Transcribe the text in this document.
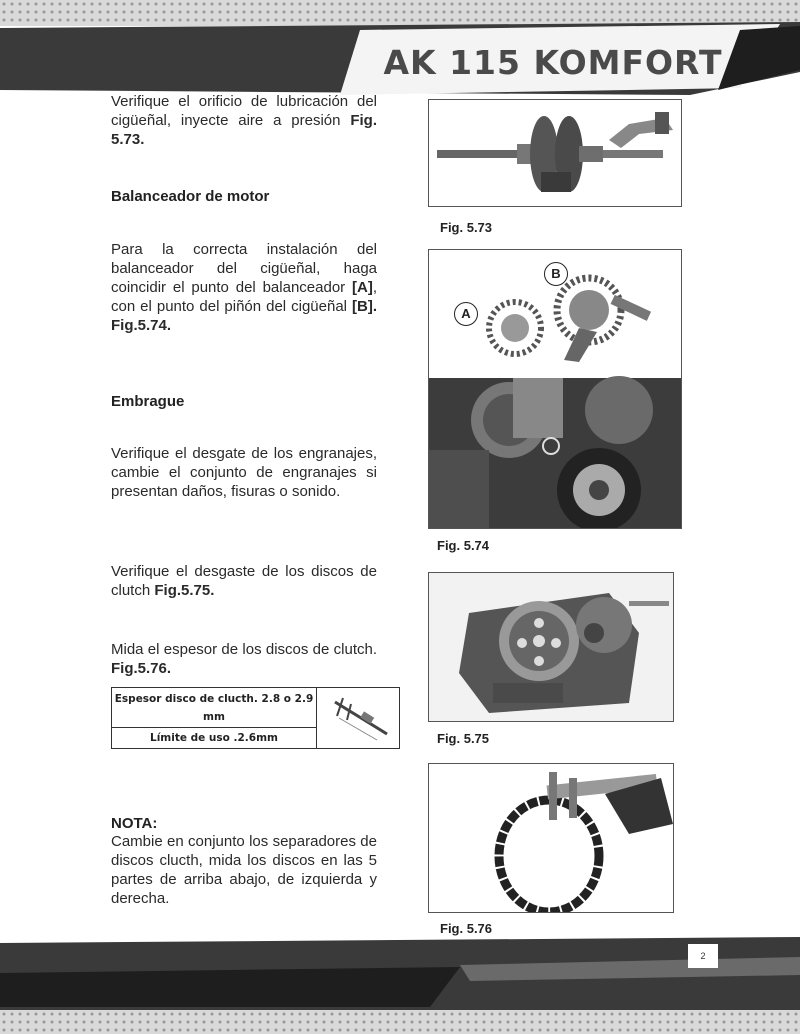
AK 115 KOMFORT
2

Verifique el orificio de lubricación del cigüeñal, inyecte aire a presión Fig. 5.73.

Balanceador de motor

Para la correcta instalación del balanceador del cigüeñal, haga coincidir el punto del balanceador [A], con el punto del piñón del cigüeñal [B]. Fig.5.74.

Embrague

Verifique el desgate de los engranajes, cambie el conjunto de engranajes si presentan daños, fisuras o sonido.

Verifique el desgaste de los discos de clutch Fig.5.75.

Mida el espesor de los discos de clutch. Fig.5.76.

Espesor disco de clucth. 2.8 o 2.9 mm	
Límite de uso .2.6mm
NOTA:

Cambie en conjunto los separadores de discos clucth, mida los discos en las 5 partes de arriba abajo, de izquierda y derecha.

Fig. 5.73
A
B
Fig. 5.74
Fig. 5.75
Fig. 5.76
